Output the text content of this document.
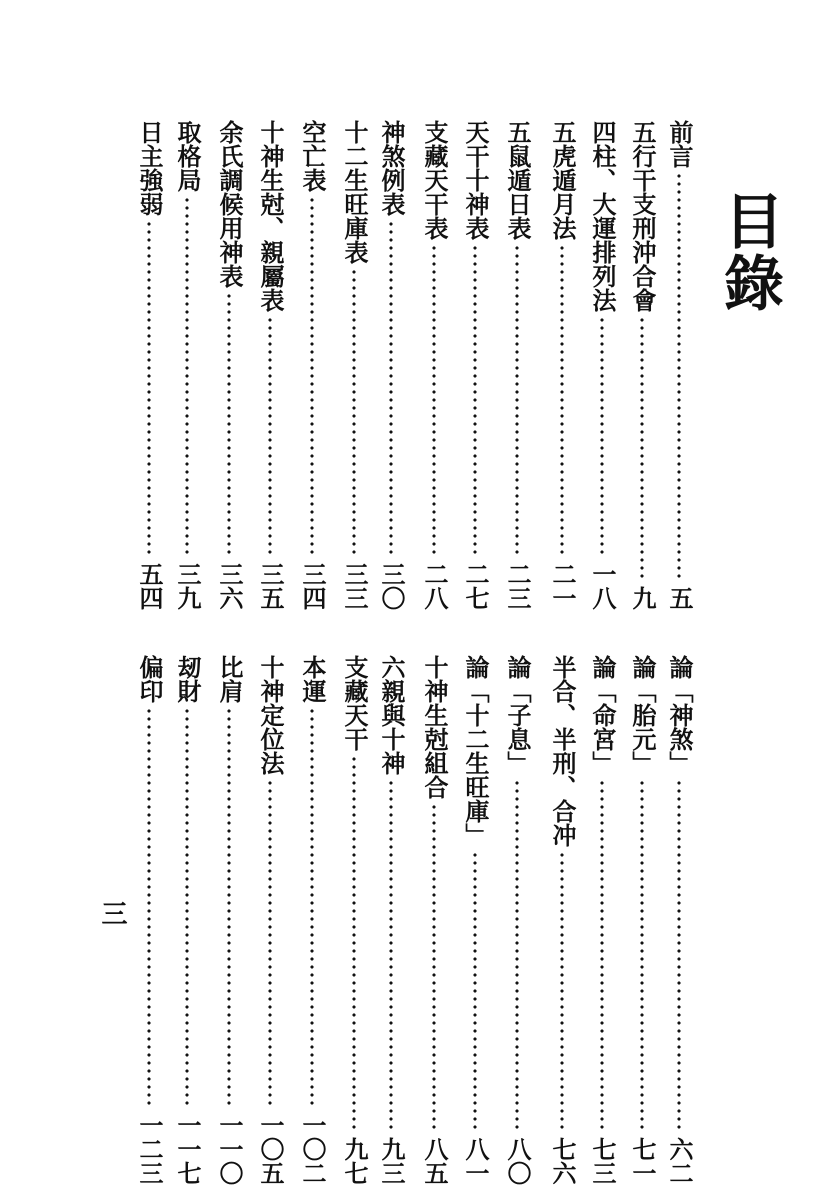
目錄
前言
五
五行干支刑沖合會
九
四柱、大運排列法
一八
五虎遁月法
二一
五鼠遁日表
二三
天干十神表
二七
支藏天干表
二八
神煞例表
三〇
十二生旺庫表
三三
空亡表
三四
十神生尅、親屬表
三五
余氏調候用神表
三六
取格局
三九
日主強弱
五四
論「神煞」
六二
論「胎元」
七一
論「命宮」
七三
半合、半刑、合冲
七六
論「子息」
八〇
論「十二生旺庫」
八一
十神生尅組合
八五
六親與十神
九三
支藏天干
九七
本運
一〇二
十神定位法
一〇五
比肩
一一〇
刼財
一一七
偏印
一二三
三
